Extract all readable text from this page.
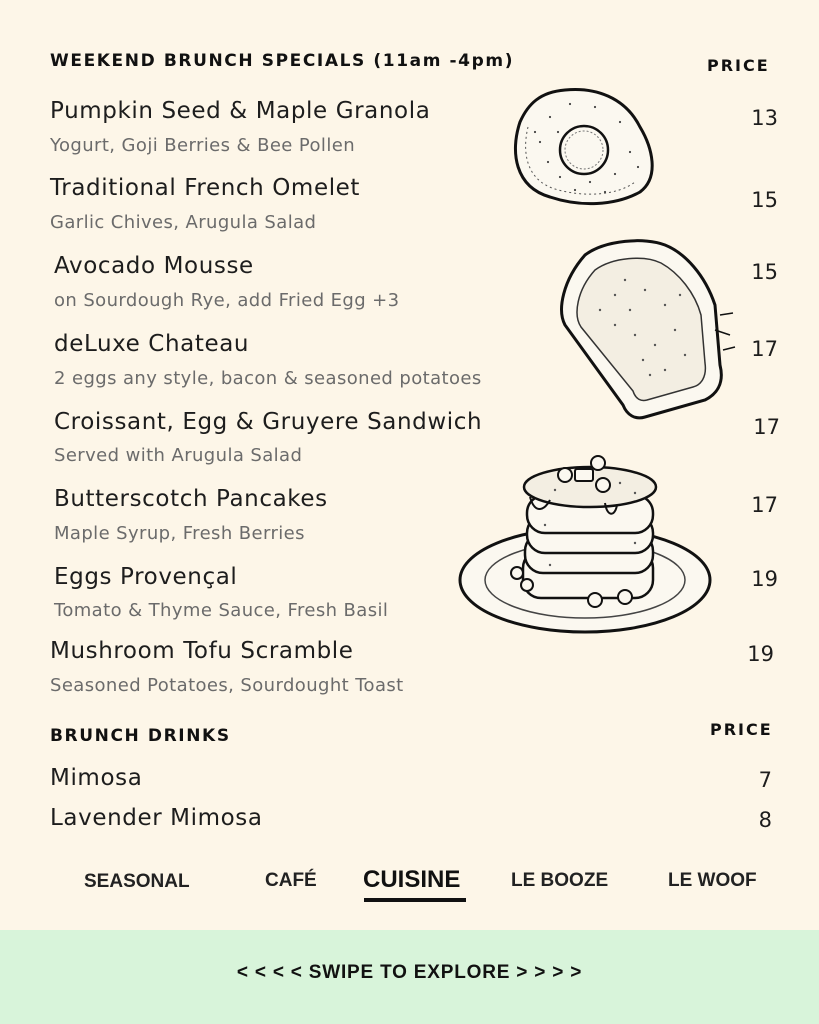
WEEKEND BRUNCH SPECIALS (11am -4pm)	PRICE
Pumpkin Seed & Maple Granola
Yogurt, Goji Berries & Bee Pollen
13
Traditional French Omelet
Garlic Chives, Arugula Salad
15
Avocado Mousse
on Sourdough Rye, add Fried Egg +3
15
deLuxe Chateau
2 eggs any style, bacon & seasoned potatoes
17
Croissant, Egg & Gruyere Sandwich
Served with Arugula Salad
17
Butterscotch Pancakes
Maple Syrup, Fresh Berries
17
Eggs Provençal
Tomato & Thyme Sauce, Fresh Basil
19
Mushroom Tofu Scramble
Seasoned Potatoes, Sourdought Toast
19
BRUNCH DRINKS	PRICE
Mimosa	7
Lavender Mimosa	8
SEASONAL	CAFÉ CUISINE	LE BOOZE	LE WOOF
< < < < SWIPE TO EXPLORE > > > >
